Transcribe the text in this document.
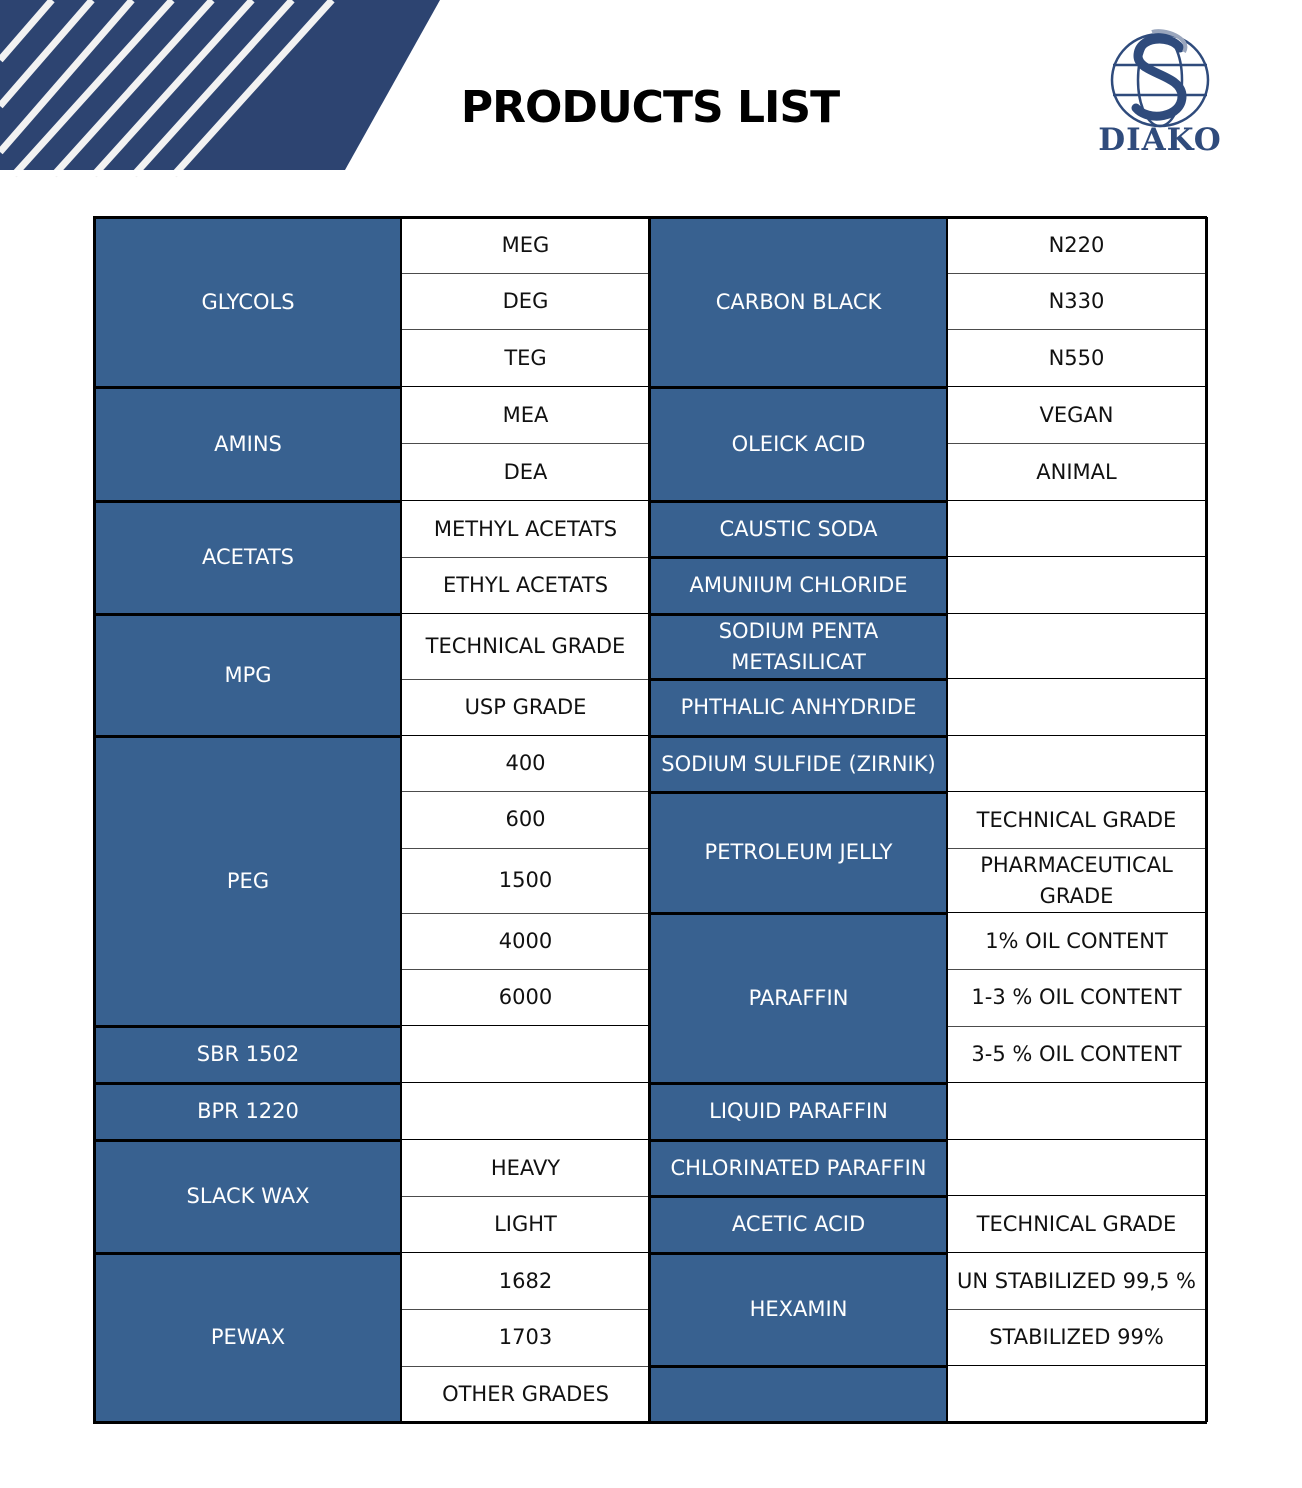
PRODUCTS LIST
DIAKO
GLYCOLS
MEG
DEG
TEG
AMINS
MEA
DEA
ACETATS
METHYL ACETATS
ETHYL ACETATS
MPG
TECHNICAL GRADE
USP GRADE
PEG
400
600
1500
4000
6000
SBR 1502
BPR 1220
SLACK WAX
HEAVY
LIGHT
PEWAX
1682
1703
OTHER GRADES
CARBON BLACK
N220
N330
N550
OLEICK ACID
VEGAN
ANIMAL
CAUSTIC SODA
AMUNIUM CHLORIDE
SODIUM PENTA METASILICAT
PHTHALIC ANHYDRIDE
SODIUM SULFIDE (ZIRNIK)
PETROLEUM JELLY
TECHNICAL GRADE
PHARMACEUTICAL GRADE
PARAFFIN
1% OIL CONTENT
1-3 % OIL CONTENT
3-5 % OIL CONTENT
LIQUID PARAFFIN
CHLORINATED PARAFFIN
ACETIC ACID	TECHNICAL GRADE
HEXAMIN
UN STABILIZED 99,5 %
STABILIZED 99%
